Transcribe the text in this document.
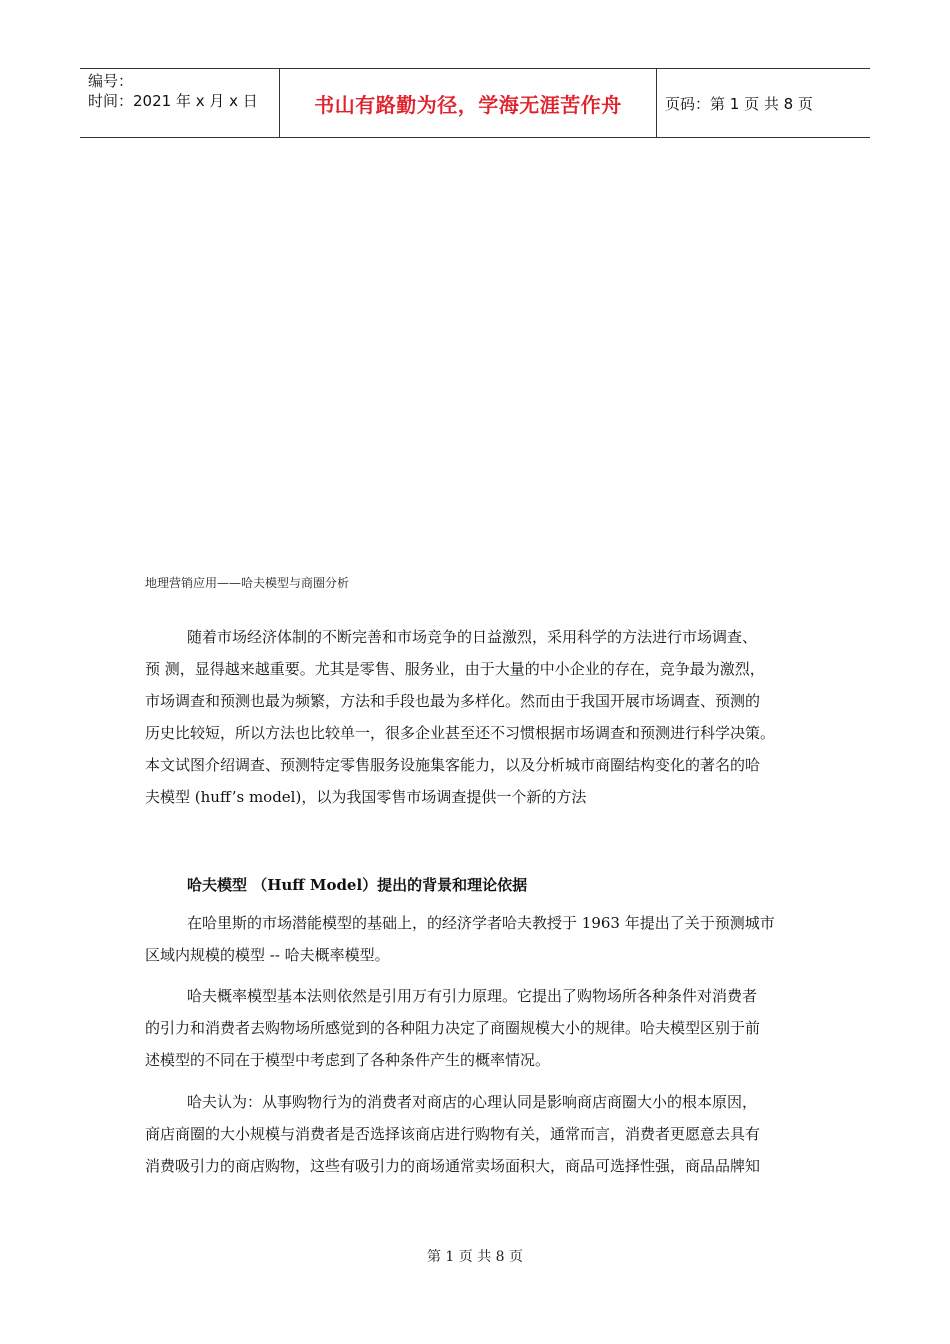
编号：
时间：2021 年 x 月 x 日	书山有路勤为径，学海无涯苦作舟	页码：第 1 页 共 8 页
地理营销应用——哈夫模型与商圈分析
随着市场经济体制的不断完善和市场竞争的日益激烈，采用科学的方法进行市场调查、
预 测，显得越来越重要。尤其是零售、服务业，由于大量的中小企业的存在，竞争最为激烈，
市场调查和预测也最为频繁，方法和手段也最为多样化。然而由于我国开展市场调查、预测的
历史比较短，所以方法也比较单一，很多企业甚至还不习惯根据市场调查和预测进行科学决策。
本文试图介绍调查、预测特定零售服务设施集客能力，以及分析城市商圈结构变化的著名的哈
夫模型 (huff’s model)，以为我国零售市场调查提供一个新的方法
哈夫模型 （Huff Model）提出的背景和理论依据
在哈里斯的市场潜能模型的基础上，的经济学者哈夫教授于 1963 年提出了关于预测城市
区域内规模的模型 -- 哈夫概率模型。
哈夫概率模型基本法则依然是引用万有引力原理。它提出了购物场所各种条件对消费者
的引力和消费者去购物场所感觉到的各种阻力决定了商圈规模大小的规律。哈夫模型区别于前
述模型的不同在于模型中考虑到了各种条件产生的概率情况。
哈夫认为：从事购物行为的消费者对商店的心理认同是影响商店商圈大小的根本原因，
商店商圈的大小规模与消费者是否选择该商店进行购物有关，通常而言，消费者更愿意去具有
消费吸引力的商店购物，这些有吸引力的商场通常卖场面积大，商品可选择性强，商品品牌知
第 1 页 共 8 页
